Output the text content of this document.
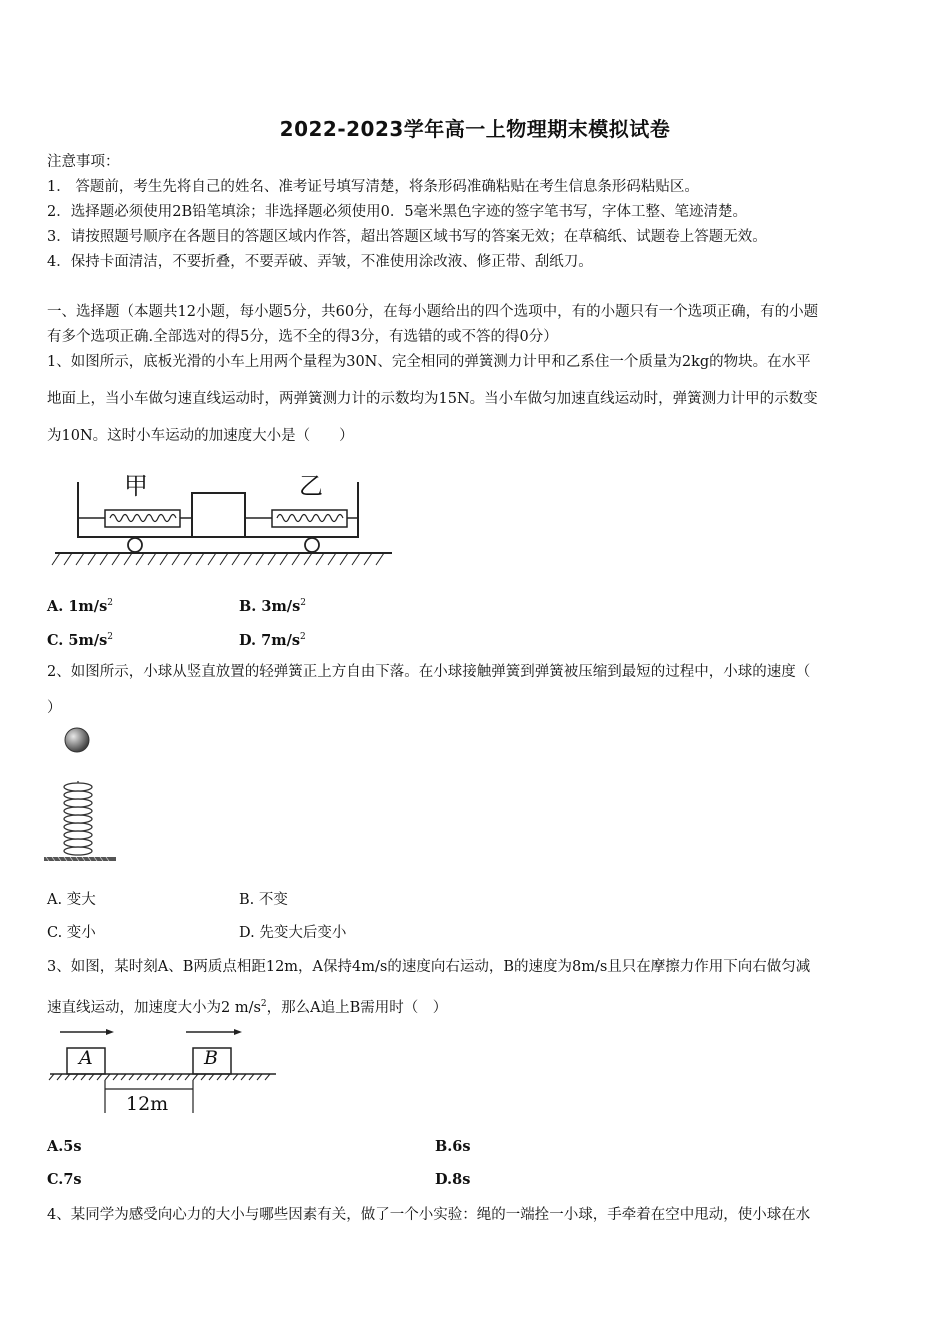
2022-2023学年高一上物理期末模拟试卷
注意事项：
1． 答题前，考生先将自己的姓名、准考证号填写清楚，将条形码准确粘贴在考生信息条形码粘贴区。
2．选择题必须使用2B铅笔填涂；非选择题必须使用0．5毫米黑色字迹的签字笔书写，字体工整、笔迹清楚。
3．请按照题号顺序在各题目的答题区域内作答，超出答题区域书写的答案无效；在草稿纸、试题卷上答题无效。
4．保持卡面清洁，不要折叠，不要弄破、弄皱，不准使用涂改液、修正带、刮纸刀。
一、选择题（本题共12小题，每小题5分，共60分，在每小题给出的四个选项中，有的小题只有一个选项正确，有的小题
有多个选项正确.全部选对的得5分，选不全的得3分，有选错的或不答的得0分）
1、如图所示，底板光滑的小车上用两个量程为30N、完全相同的弹簧测力计甲和乙系住一个质量为2kg的物块。在水平
地面上，当小车做匀速直线运动时，两弹簧测力计的示数均为15N。当小车做匀加速直线运动时，弹簧测力计甲的示数变
为10N。这时小车运动的加速度大小是（　　）
甲	乙
A. $1m/s^2$	B. $3m/s^2$
C. $5m/s^2$	D. $7m/s^2$
2、如图所示，小球从竖直放置的轻弹簧正上方自由下落。在小球接触弹簧到弹簧被压缩到最短的过程中，小球的速度（
）
A. 变大	B. 不变
C. 变小	D. 先变大后变小
3、如图，某时刻A、B两质点相距12m，A保持4m/s的速度向右运动，B的速度为8m/s且只在摩擦力作用下向右做匀减
速直线运动，加速度大小为2 $m/s^2$，那么A追上B需用时（　）
A	B
12m
A.5s	B.6s
C.7s	D.8s
4、某同学为感受向心力的大小与哪些因素有关，做了一个小实验：绳的一端拴一小球，手牵着在空中甩动，使小球在水
